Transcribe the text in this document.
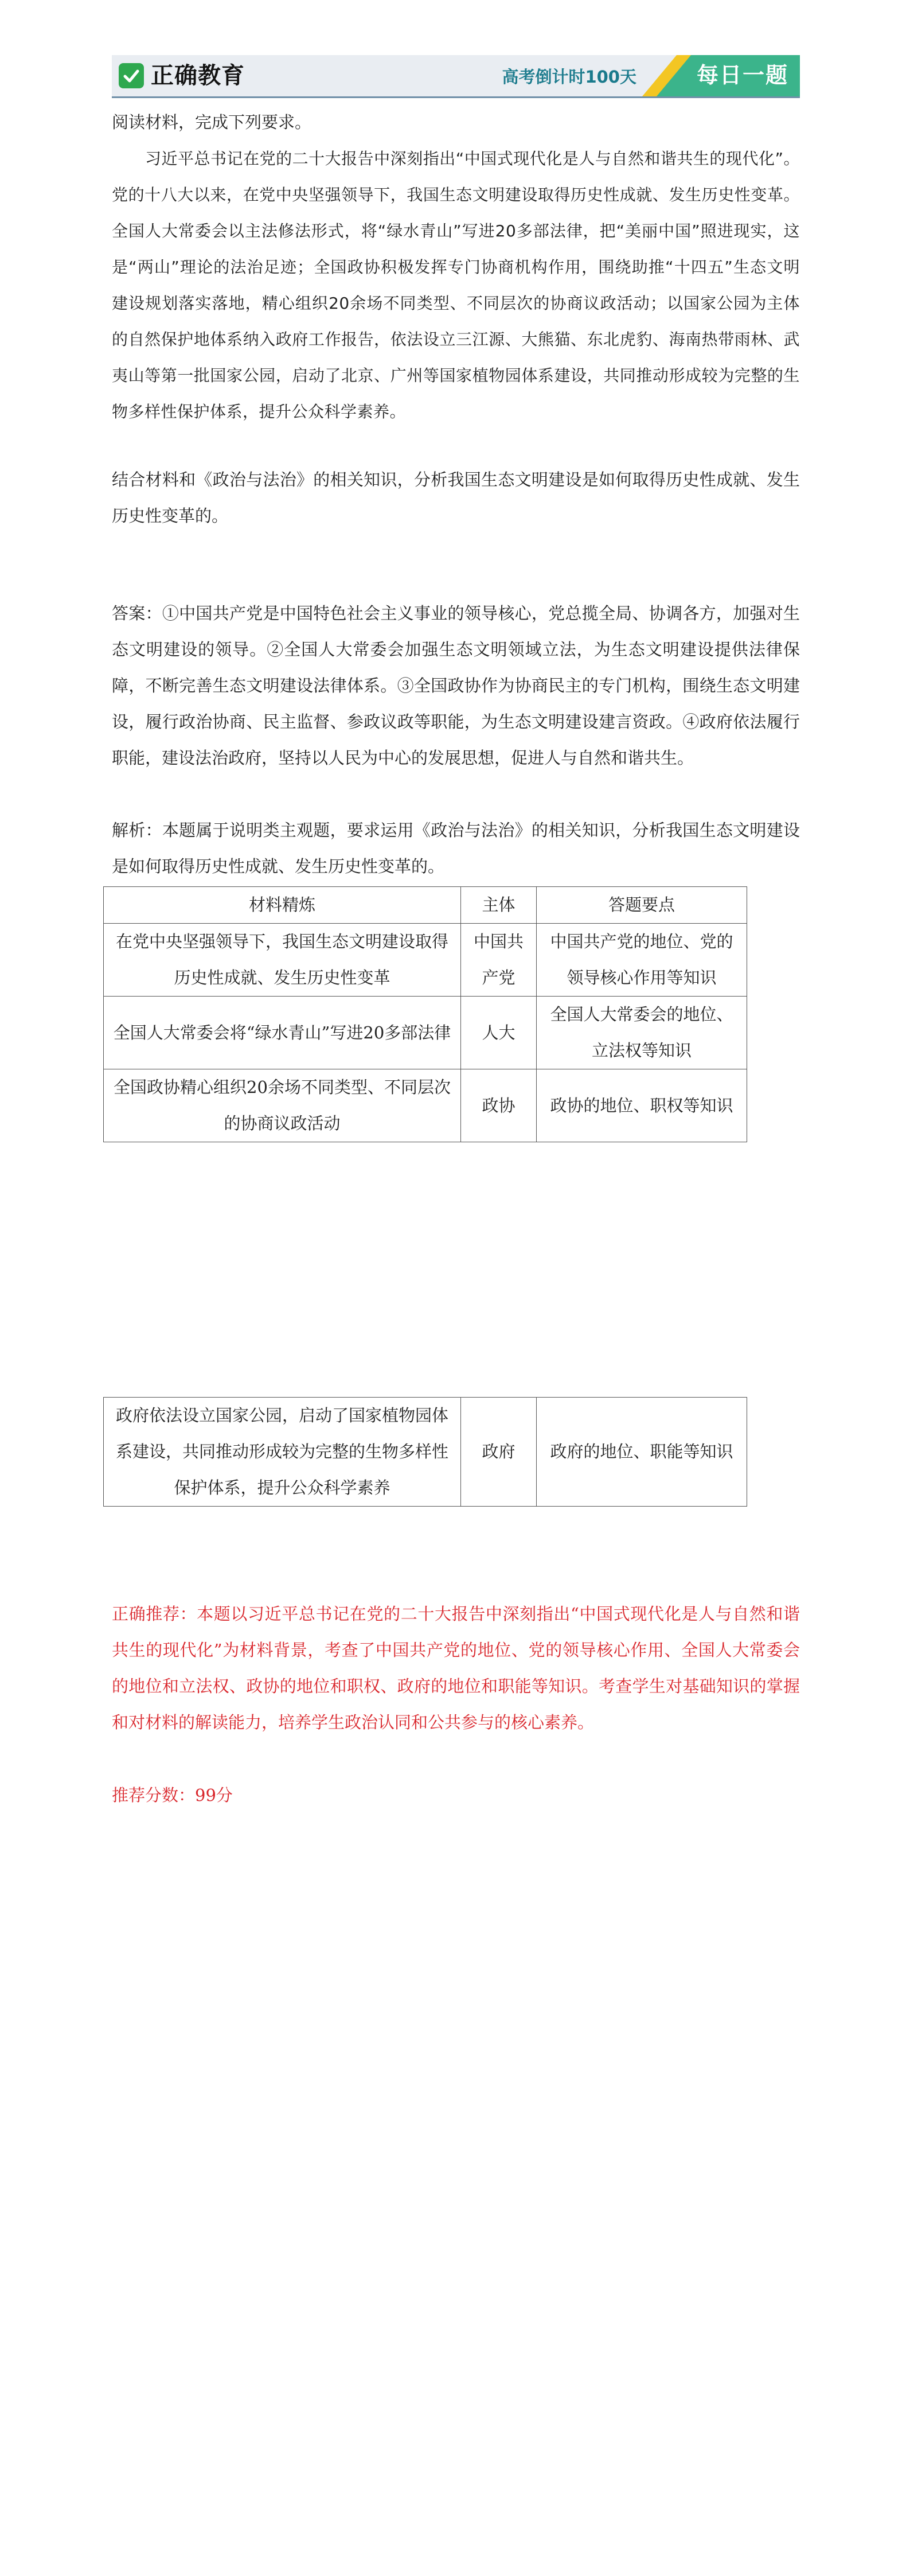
正确教育	高考倒计时100天	每日一题
阅读材料，完成下列要求。
习近平总书记在党的二十大报告中深刻指出“中国式现代化是人与自然和谐共生的现代化”。党的十八大以来，在党中央坚强领导下，我国生态文明建设取得历史性成就、发生历史性变革。全国人大常委会以主法修法形式，将“绿水青山”写进20多部法律，把“美丽中国”照进现实，这是“两山”理论的法治足迹；全国政协积极发挥专门协商机构作用，围绕助推“十四五”生态文明建设规划落实落地，精心组织20余场不同类型、不同层次的协商议政活动；以国家公园为主体的自然保护地体系纳入政府工作报告，依法设立三江源、大熊猫、东北虎豹、海南热带雨林、武夷山等第一批国家公园，启动了北京、广州等国家植物园体系建设，共同推动形成较为完整的生物多样性保护体系，提升公众科学素养。
结合材料和《政治与法治》的相关知识，分析我国生态文明建设是如何取得历史性成就、发生历史性变革的。
答案：①中国共产党是中国特色社会主义事业的领导核心，党总揽全局、协调各方，加强对生态文明建设的领导。②全国人大常委会加强生态文明领域立法，为生态文明建设提供法律保障，不断完善生态文明建设法律体系。③全国政协作为协商民主的专门机构，围绕生态文明建设，履行政治协商、民主监督、参政议政等职能，为生态文明建设建言资政。④政府依法履行职能，建设法治政府，坚持以人民为中心的发展思想，促进人与自然和谐共生。
解析：本题属于说明类主观题，要求运用《政治与法治》的相关知识，分析我国生态文明建设是如何取得历史性成就、发生历史性变革的。
材料精炼	主体	答题要点
在党中央坚强领导下，我国生态文明建设取得历史性成就、发生历史性变革	中国共产党	中国共产党的地位、党的领导核心作用等知识
全国人大常委会将“绿水青山”写进20多部法律	人大	全国人大常委会的地位、立法权等知识
全国政协精心组织20余场不同类型、不同层次的协商议政活动	政协	政协的地位、职权等知识
政府依法设立国家公园，启动了国家植物园体系建设，共同推动形成较为完整的生物多样性保护体系，提升公众科学素养	政府	政府的地位、职能等知识
正确推荐：本题以习近平总书记在党的二十大报告中深刻指出“中国式现代化是人与自然和谐共生的现代化”为材料背景，考查了中国共产党的地位、党的领导核心作用、全国人大常委会的地位和立法权、政协的地位和职权、政府的地位和职能等知识。考查学生对基础知识的掌握和对材料的解读能力，培养学生政治认同和公共参与的核心素养。
推荐分数：99分
